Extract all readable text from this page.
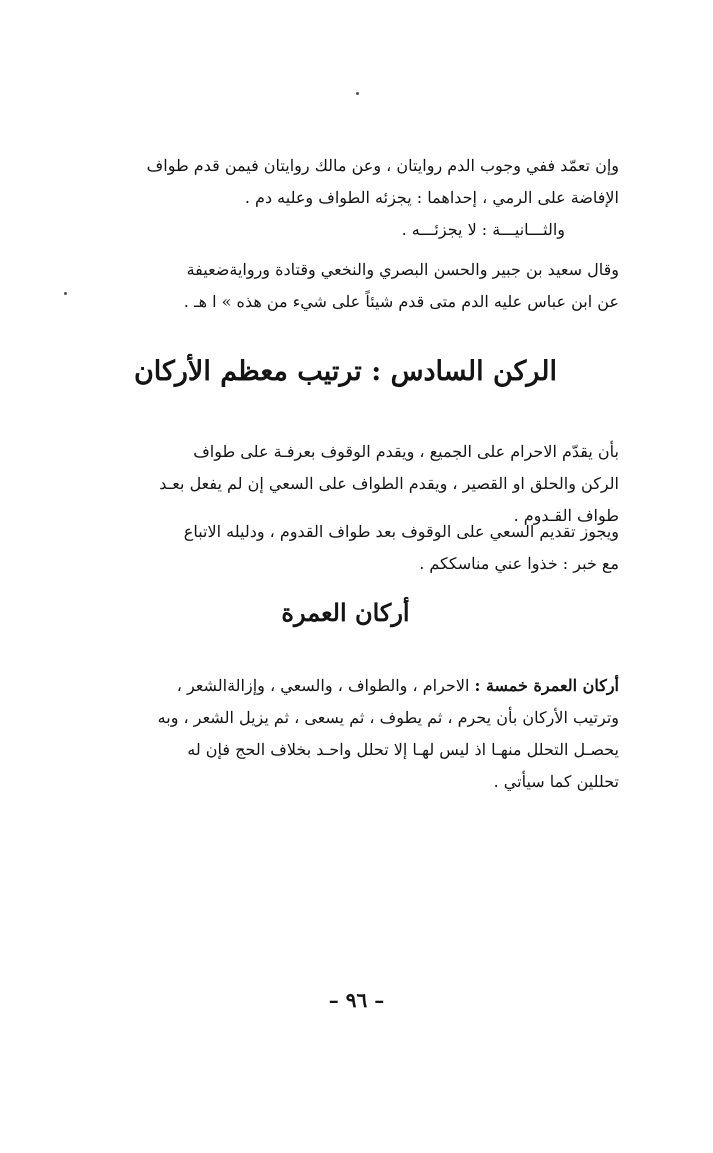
وإن تعمّد ففي وجوب الدم روايتان ، وعن مالك روايتان فيمن قدم طواف
الإفاضة على الرمي ، إحداهما : يجزئه الطواف وعليه دم .
والثـــانيـــة : لا يجزئـــه .
وقال سعيد بن جبير والحسن البصري والنخعي وقتادة وروايةضعيفة
عن ابن عباس عليه الدم متى قدم شيئاً على شيء من هذه » ا هـ .
الركن السادس : ترتيب معظم الأركان
بأن يقدّم الاحرام على الجميع ، ويقدم الوقوف بعرفـة على طواف
الركن والحلق او القصير ، ويقدم الطواف على السعي إن لم يفعل بعـد
طواف القـدوم .
ويجوز تقديم السعي على الوقوف بعد طواف القدوم ، ودليله الاتباع
مع خبر : خذوا عني مناسككم .
أركان العمرة
أركان العمرة خمسة : الاحرام ، والطواف ، والسعي ، وإزالةالشعر ،
وترتيب الأركان بأن يحرم ، ثم يطوف ، ثم يسعى ، ثم يزيل الشعر ، وبه
يحصـل التحلل منهـا اذ ليس لهـا إلا تحلل واحـد بخلاف الحج فإن له
تحللين كما سيأتي .
– ٩٦ –
